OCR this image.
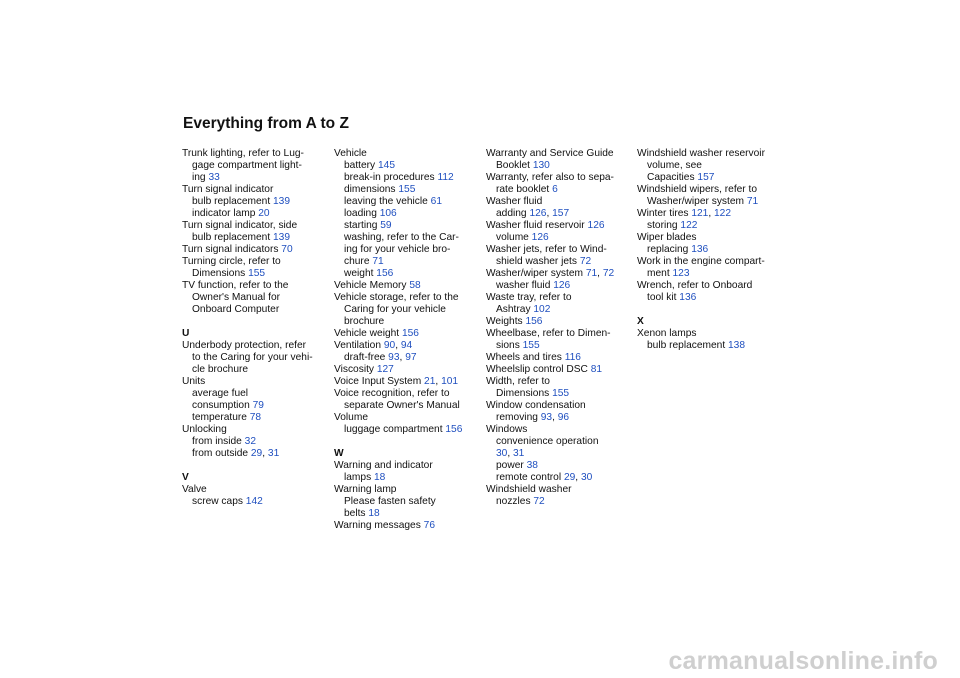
Everything from A to Z
Trunk lighting, refer to Lug-
gage compartment light-
ing 33
Turn signal indicator
bulb replacement 139
indicator lamp 20
Turn signal indicator, side
bulb replacement 139
Turn signal indicators 70
Turning circle, refer to
Dimensions 155
TV function, refer to the
Owner's Manual for
Onboard Computer
U
Underbody protection, refer
to the Caring for your vehi-
cle brochure
Units
average fuel
consumption 79
temperature 78
Unlocking
from inside 32
from outside 29, 31
V
Valve
screw caps 142
Vehicle
battery 145
break-in procedures 112
dimensions 155
leaving the vehicle 61
loading 106
starting 59
washing, refer to the Car-
ing for your vehicle bro-
chure 71
weight 156
Vehicle Memory 58
Vehicle storage, refer to the
Caring for your vehicle
brochure
Vehicle weight 156
Ventilation 90, 94
draft-free 93, 97
Viscosity 127
Voice Input System 21, 101
Voice recognition, refer to
separate Owner's Manual
Volume
luggage compartment 156
W
Warning and indicator
lamps 18
Warning lamp
Please fasten safety
belts 18
Warning messages 76
Warranty and Service Guide
Booklet 130
Warranty, refer also to sepa-
rate booklet 6
Washer fluid
adding 126, 157
Washer fluid reservoir 126
volume 126
Washer jets, refer to Wind-
shield washer jets 72
Washer/wiper system 71, 72
washer fluid 126
Waste tray, refer to
Ashtray 102
Weights 156
Wheelbase, refer to Dimen-
sions 155
Wheels and tires 116
Wheelslip control DSC 81
Width, refer to
Dimensions 155
Window condensation
removing 93, 96
Windows
convenience operation
30, 31
power 38
remote control 29, 30
Windshield washer
nozzles 72
Windshield washer reservoir
volume, see
Capacities 157
Windshield wipers, refer to
Washer/wiper system 71
Winter tires 121, 122
storing 122
Wiper blades
replacing 136
Work in the engine compart-
ment 123
Wrench, refer to Onboard
tool kit 136
X
Xenon lamps
bulb replacement 138
carmanualsonline.info
